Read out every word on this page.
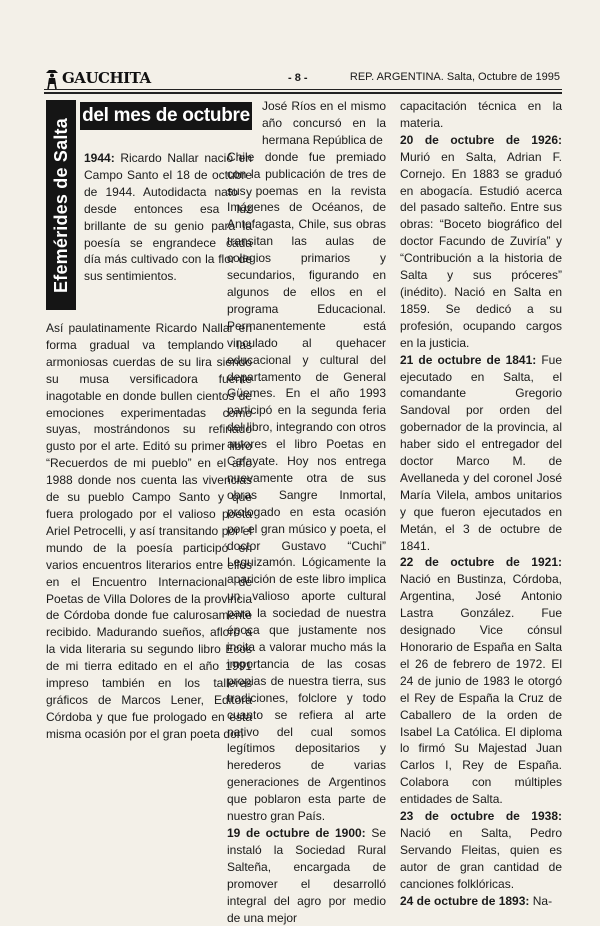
GAUCHITA	- 8 -	REP. ARGENTINA. Salta, Octubre de 1995
Efemérides de Salta
del mes de octubre

1944: Ricardo Nallar nació en Campo Santo el 18 de octubre de 1944. Autodidacta nato y desde entonces esa luz brillante de su genio para la poesía se engrandece cada día más cultivado con la flor de sus sentimientos.

Así paulatinamente Ricardo Nallar en forma gradual va templando las armoniosas cuerdas de su lira siendo su musa versificadora fuente inagotable en donde bullen cientos de emociones experimentadas como suyas, mostrándonos su refinado gusto por el arte. Editó su primer libro “Recuerdos de mi pueblo” en el año 1988 donde nos cuenta las vivencias de su pueblo Campo Santo y que fuera prologado por el valioso poeta Ariel Petrocelli, y así transitando por el mundo de la poesía participó en varios encuentros literarios entre ellos en el Encuentro Internacional de Poetas de Villa Dolores de la provincia de Córdoba donde fue calurosamente recibido. Madurando sueños, afloró a la vida literaria su segundo libro Ecos de mi tierra editado en el año 1991 impreso también en los talleres gráficos de Marcos Lener, Editora Córdoba y que fue prologado en esta misma ocasión por el gran poeta don

José Ríos en el mismo año concursó en la hermana República de

Chile donde fue premiado con la publicación de tres de sus poemas en la revista Imágenes de Océanos, de Antofagasta, Chile, sus obras transitan las aulas de colegios primarios y secundarios, figurando en algunos de ellos en el programa Educacional. Permanentemente está vinculado al quehacer educacional y cultural del departamento de General Güemes. En el año 1993 participó en la segunda feria del libro, integrando con otros autores el libro Poetas en Cafayate. Hoy nos entrega nuevamente otra de sus obras Sangre Inmortal, prologado en esta ocasión por el gran músico y poeta, el doctor Gustavo “Cuchi” Leguizamón. Lógicamente la aparición de este libro implica un valioso aporte cultural para la sociedad de nuestra época que justamente nos incita a valorar mucho más la importancia de las cosas propias de nuestra tierra, sus tradiciones, folclore y todo cuanto se refiera al arte nativo del cual somos legítimos depositarios y herederos de varias generaciones de Argentinos que poblaron esta parte de nuestro gran País.

19 de octubre de 1900: Se instaló la Sociedad Rural Salteña, encargada de promover el desarrolló integral del agro por medio de una mejor

capacitación técnica en la materia.

20 de octubre de 1926: Murió en Salta, Adrian F. Cornejo. En 1883 se graduó en abogacía. Estudió acerca del pasado salteño. Entre sus obras: “Boceto biográfico del doctor Facundo de Zuviría” y “Contribución a la historia de Salta y sus próceres” (inédito). Nació en Salta en 1859. Se dedicó a su profesión, ocupando cargos en la justicia.

21 de octubre de 1841: Fue ejecutado en Salta, el comandante Gregorio Sandoval por orden del gobernador de la provincia, al haber sido el entregador del doctor Marco M. de Avellaneda y del coronel José María Vilela, ambos unitarios y que fueron ejecutados en Metán, el 3 de octubre de 1841.

22 de octubre de 1921: Nació en Bustinza, Córdoba, Argentina, José Antonio Lastra González. Fue designado Vice cónsul Honorario de España en Salta el 26 de febrero de 1972. El 24 de junio de 1983 le otorgó el Rey de España la Cruz de Caballero de la orden de Isabel La Católica. El diploma lo firmó Su Majestad Juan Carlos I, Rey de España. Colabora con múltiples entidades de Salta.

23 de octubre de 1938: Nació en Salta, Pedro Servando Fleitas, quien es autor de gran cantidad de canciones folklóricas.

24 de octubre de 1893: Na-
